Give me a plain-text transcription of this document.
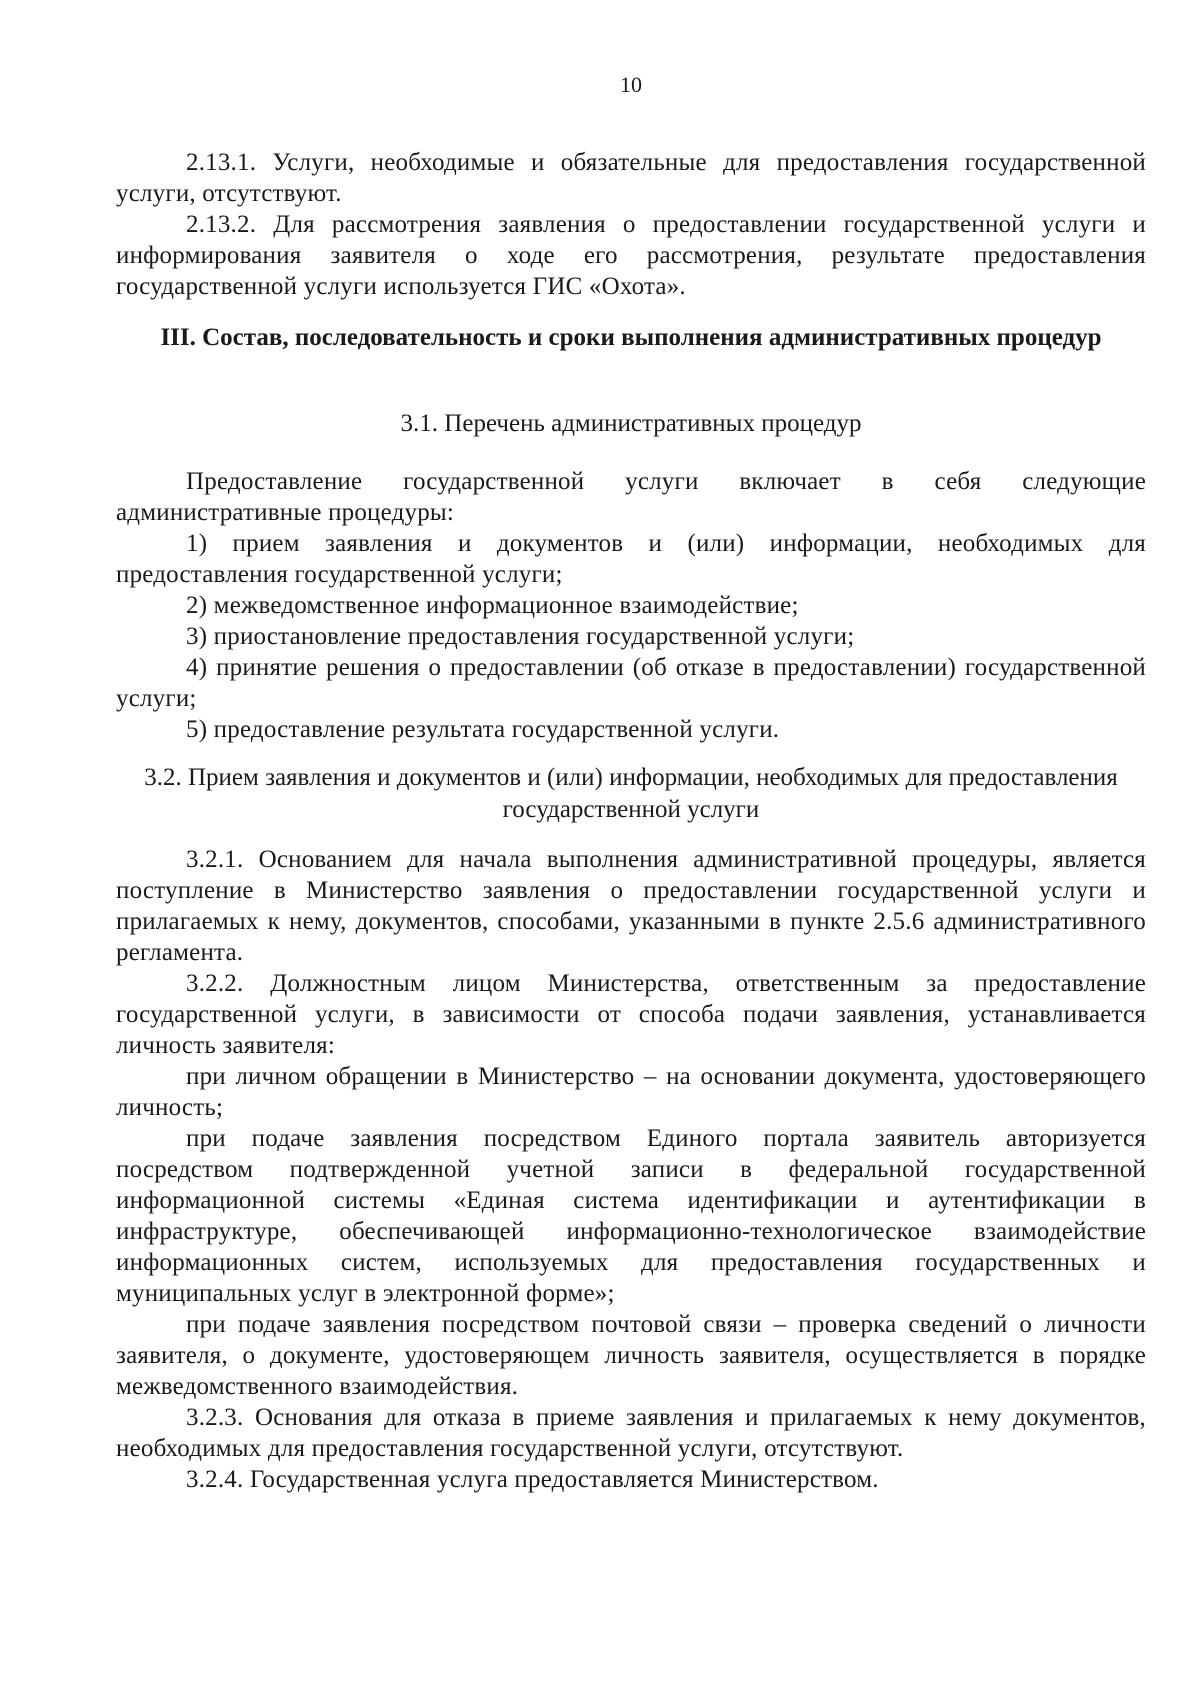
10

2.13.1. Услуги, необходимые и обязательные для предоставления государственной услуги, отсутствуют.

2.13.2. Для рассмотрения заявления о предоставлении государственной услуги и информирования заявителя о ходе его рассмотрения, результате предоставления государственной услуги используется ГИС «Охота».

III. Состав, последовательность и сроки выполнения административных процедур
3.1. Перечень административных процедур

Предоставление государственной услуги включает в себя следующие административные процедуры:

1) прием заявления и документов и (или) информации, необходимых для предоставления государственной услуги;

2) межведомственное информационное взаимодействие;

3) приостановление предоставления государственной услуги;

4) принятие решения о предоставлении (об отказе в предоставлении) государственной услуги;

5) предоставление результата государственной услуги.

3.2. Прием заявления и документов и (или) информации, необходимых для предоставления государственной услуги

3.2.1. Основанием для начала выполнения административной процедуры, является поступление в Министерство заявления о предоставлении государственной услуги и прилагаемых к нему, документов, способами, указанными в пункте 2.5.6 административного регламента.

3.2.2. Должностным лицом Министерства, ответственным за предоставление государственной услуги, в зависимости от способа подачи заявления, устанавливается личность заявителя:

при личном обращении в Министерство – на основании документа, удостоверяющего личность;

при подаче заявления посредством Единого портала заявитель авторизуется посредством подтвержденной учетной записи в федеральной государственной информационной системы «Единая система идентификации и аутентификации в инфраструктуре, обеспечивающей информационно-технологическое взаимодействие информационных систем, используемых для предоставления государственных и муниципальных услуг в электронной форме»;

при подаче заявления посредством почтовой связи – проверка сведений о личности заявителя, о документе, удостоверяющем личность заявителя, осуществляется в порядке межведомственного взаимодействия.

3.2.3. Основания для отказа в приеме заявления и прилагаемых к нему документов, необходимых для предоставления государственной услуги, отсутствуют.

3.2.4. Государственная услуга предоставляется Министерством.
